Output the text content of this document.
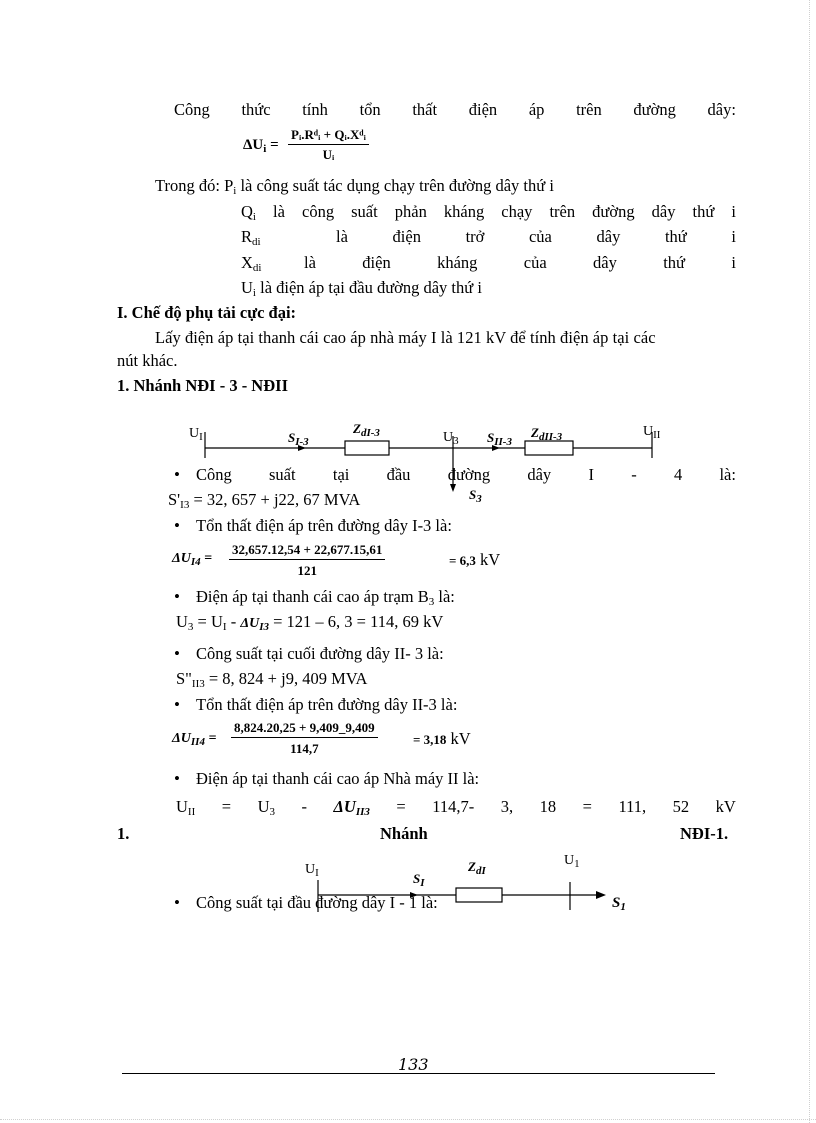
Công thức tính tổn thất điện áp trên đường dây:
$\Delta U_i$ =
Pᵢ.Rᵈᵢ + Qᵢ.Xᵈᵢ
Uᵢ
Trong đó: $P_i$ là công suất tác dụng chạy trên đường dây thứ i
$Q_i$ là công suất phản kháng chạy trên đường dây thứ i
$R_{di}$	là	điện	trở	của	dây	thứ	i
$X_{di}$	là	điện	kháng	của	dây	thứ	i
$U_i$ là điện áp tại đầu đường dây thứ i
I. Chế độ phụ tải cực đại:
Lấy điện áp tại thanh cái cao áp nhà máy I là 121 kV để tính điện áp tại các
nút khác.
1. Nhánh NĐI - 3 - NĐII
$U_I$	$S_{I-3}$
$Z_{dI-3}$	$U_3$ $S_{II-3}$
$Z_{dII-3}$	$U_{II}$
$S_3$
• Công suất tại đầu đường dây I - 4 là:
$S'_{I3} = 32$, 657 + j22, 67 MVA
• Tổn thất điện áp trên đường dây I-3 là:
$\Delta U_{I4} = \frac{32,657.12,54 + 22,677.15,61}{121}$	= 6,3 kV
• Điện áp tại thanh cái cao áp trạm $B_3$ là:
$U_3 = U_I - \Delta U_{I3} = 121 - 6$, 3 = 114, 69 kV
• Công suất tại cuối đường dây II- 3 là:
$S"_{II3} = 8$, 824 + j9, 409 MVA
• Tổn thất điện áp trên đường dây II-3 là:
$\Delta U_{II4} = \frac{8,824.20,25 + 9,409\_9,409}{114,7}$	= 3,18 kV
• Điện áp tại thanh cái cao áp Nhà máy II là:
$U_{II} = U_3 - \Delta U_{II3} = 114,7-$ 3, 18 = 111, 52 kV
1.	Nhánh	NĐI-1.
$U_I$	$S_I$
$Z_{dI}$
$U_1$
$S_1$
• Công suất tại đầu đường dây I - 1 là:
133
